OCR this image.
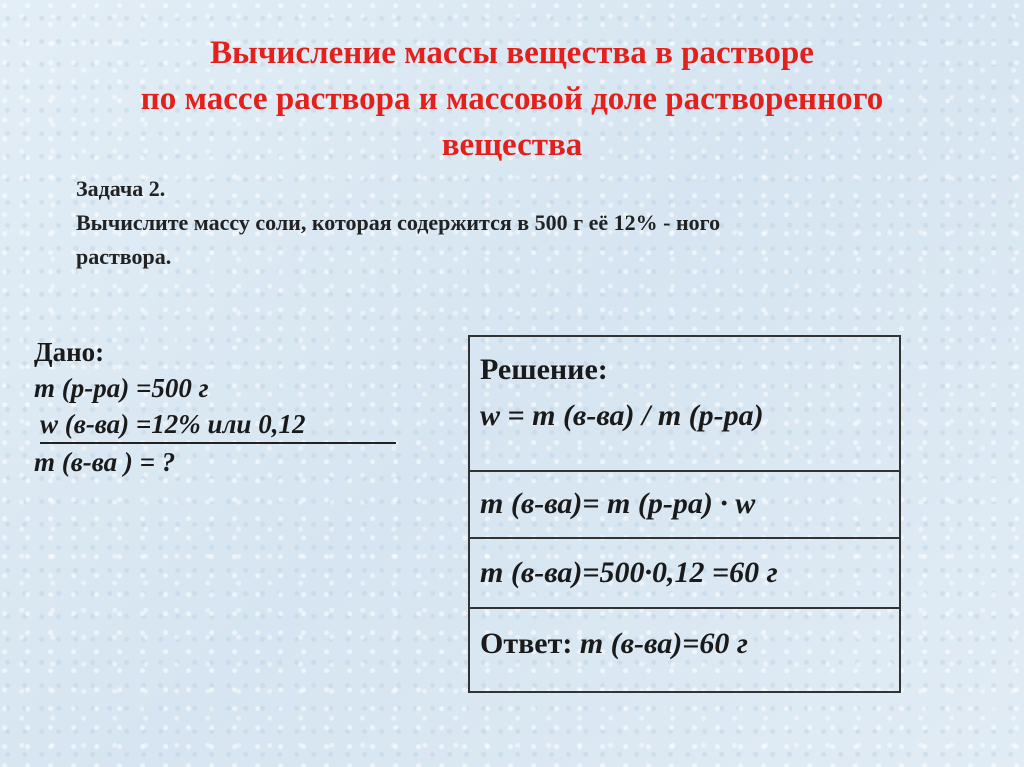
Вычисление массы вещества в растворе
по массе раствора и массовой доле растворенного
вещества
Задача 2.
Вычислите массу соли, которая содержится в 500 г её 12% - ного
раствора.
Дано:
m (р-ра) =500 г
w (в-ва) =12% или 0,12
m (в-ва ) = ?
Решение:
w = m (в-ва) / m (р-ра)
m (в-ва)= m (р-ра) · w
m (в-ва)=500·0,12 =60 г
Ответ: m (в-ва)=60 г
